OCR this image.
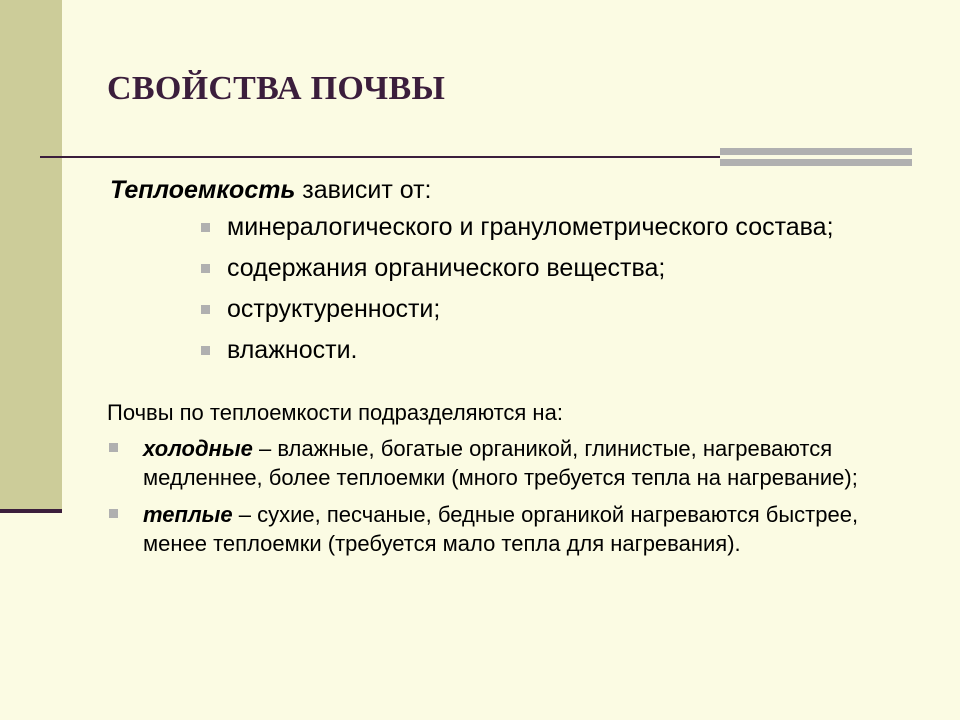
СВОЙСТВА ПОЧВЫ
Теплоемкость зависит от:
минералогического и гранулометрического состава;
содержания органического вещества;
оструктуренности;
влажности.
Почвы по теплоемкости подразделяются на:
холодные – влажные, богатые органикой, глинистые, нагреваются медленнее, более теплоемки (много требуется тепла на нагревание);
теплые – сухие, песчаные, бедные органикой нагреваются быстрее, менее теплоемки (требуется мало тепла для нагревания).
